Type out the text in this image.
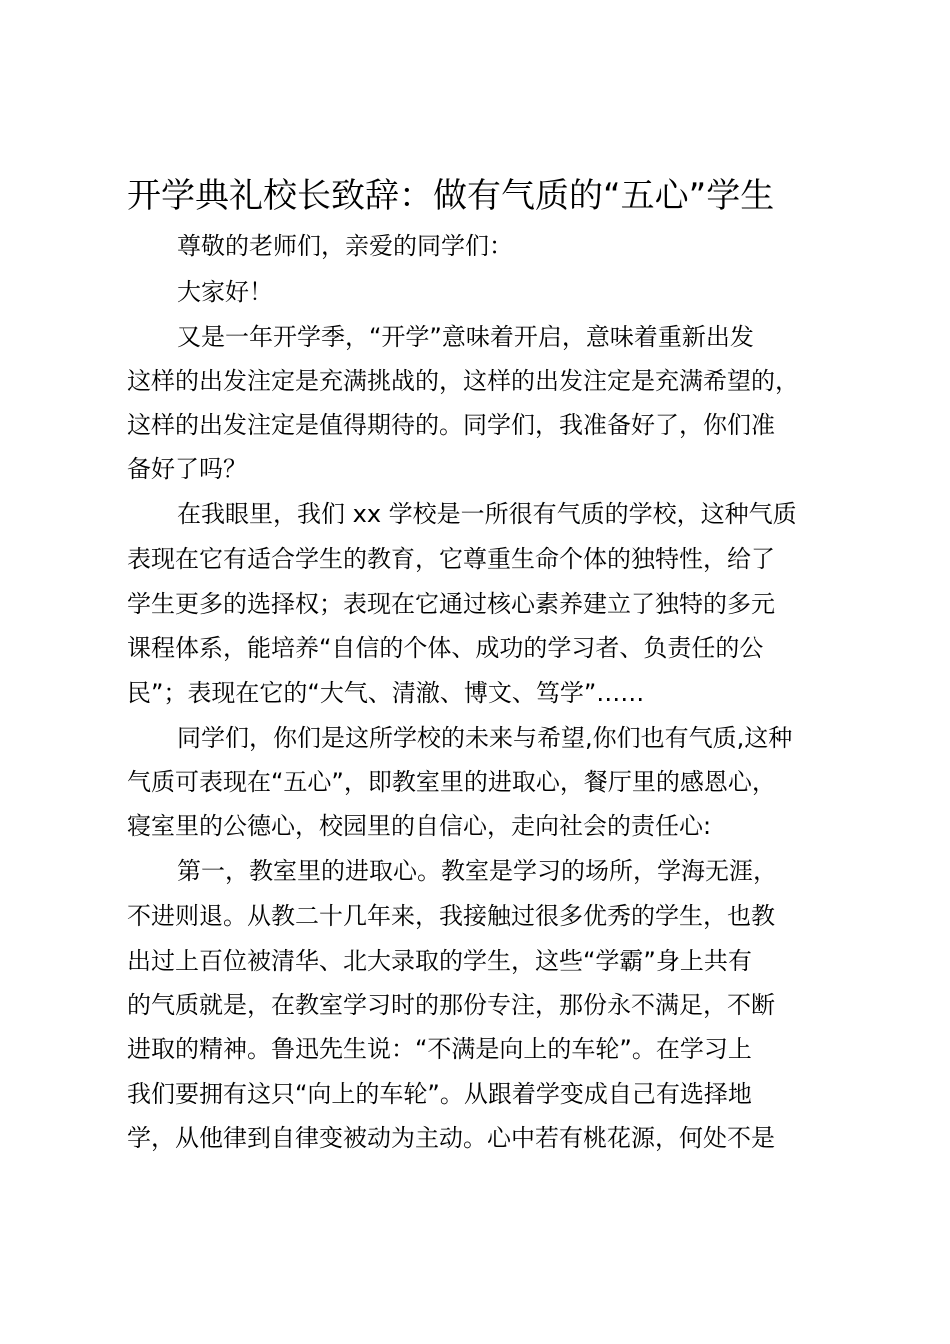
开学典礼校长致辞：做有气质的“五心”学生
尊敬的老师们，亲爱的同学们：
大家好！
又是一年开学季，“开学”意味着开启，意味着重新出发
这样的出发注定是充满挑战的，这样的出发注定是充满希望的，
这样的出发注定是值得期待的。同学们，我准备好了，你们准
备好了吗？
在我眼里，我们 xx 学校是一所很有气质的学校，这种气质
表现在它有适合学生的教育，它尊重生命个体的独特性，给了
学生更多的选择权；表现在它通过核心素养建立了独特的多元
课程体系，能培养“自信的个体、成功的学习者、负责任的公
民”；表现在它的“大气、清澈、博文、笃学”……
同学们，你们是这所学校的未来与希望,你们也有气质,这种
气质可表现在“五心”，即教室里的进取心，餐厅里的感恩心，
寝室里的公德心，校园里的自信心，走向社会的责任心:
第一，教室里的进取心。教室是学习的场所，学海无涯，
不进则退。从教二十几年来，我接触过很多优秀的学生，也教
出过上百位被清华、北大录取的学生，这些“学霸”身上共有
的气质就是，在教室学习时的那份专注，那份永不满足，不断
进取的精神。鲁迅先生说：“不满是向上的车轮”。在学习上
我们要拥有这只“向上的车轮”。从跟着学变成自己有选择地
学，从他律到自律变被动为主动。心中若有桃花源，何处不是
